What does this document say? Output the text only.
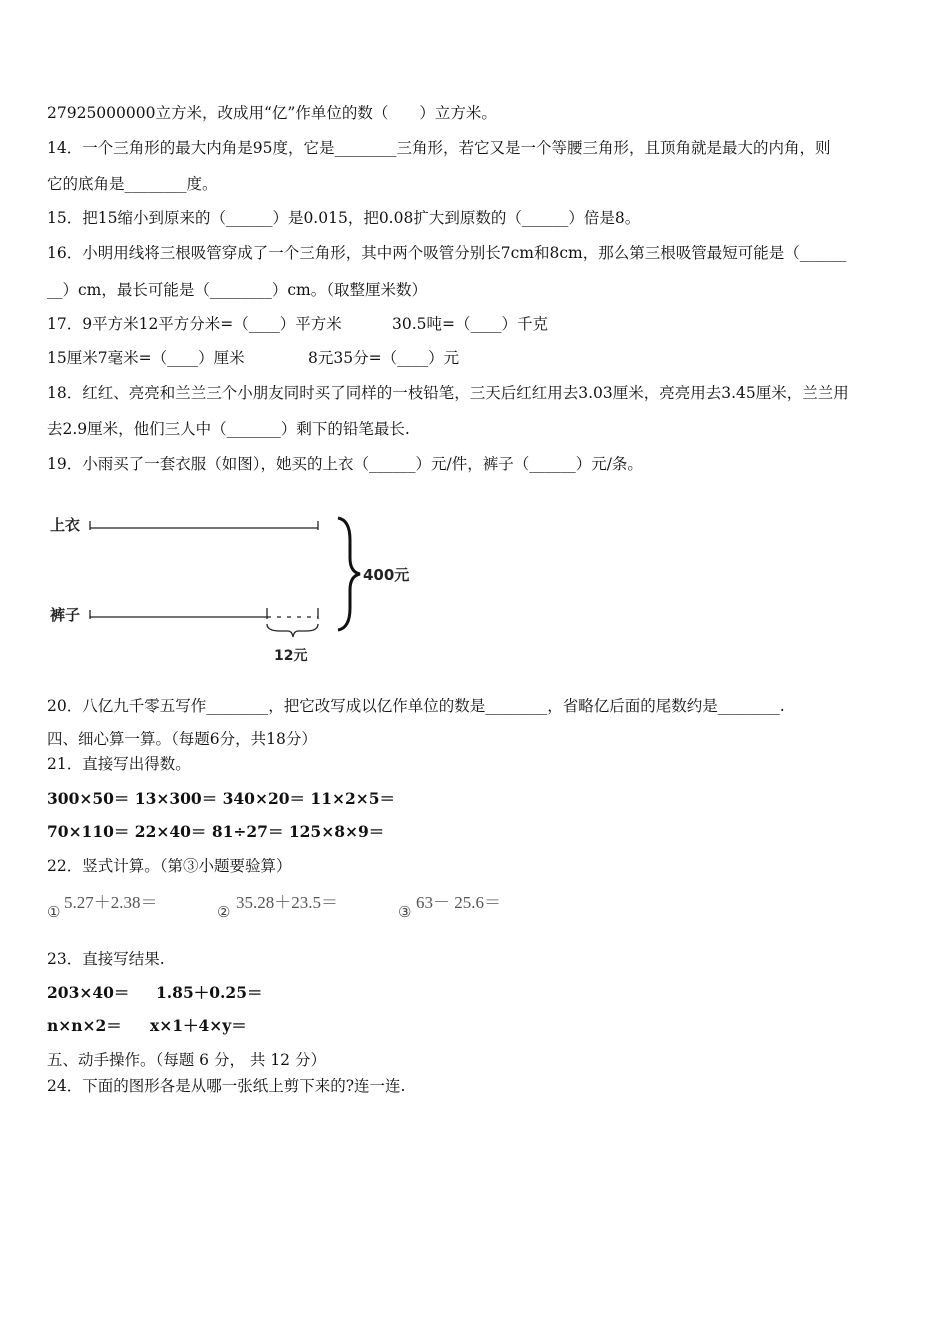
27925000000立方米，改成用“亿”作单位的数（　　）立方米。
14．一个三角形的最大内角是95度，它是________三角形，若它又是一个等腰三角形，且顶角就是最大的内角，则
它的底角是________度。
15．把15缩小到原来的（______）是0.015，把0.08扩大到原数的（______）倍是8。
16．小明用线将三根吸管穿成了一个三角形，其中两个吸管分别长7cm和8cm，那么第三根吸管最短可能是（______
__）cm，最长可能是（________）cm。（取整厘米数）
17．9平方米12平方分米=（____）平方米	30.5吨=（____）千克
15厘米7毫米=（____）厘米	8元35分=（____）元
18．红红、亮亮和兰兰三个小朋友同时买了同样的一枝铅笔，三天后红红用去3.03厘米，亮亮用去3.45厘米，兰兰用
去2.9厘米，他们三人中（_______）剩下的铅笔最长.
19．小雨买了一套衣服（如图），她买的上衣（______）元/件，裤子（______）元/条。
上衣
裤子
12元
400元
20．八亿九千零五写作________，把它改写成以亿作单位的数是________，省略亿后面的尾数约是________.
四、细心算一算。（每题6分，共18分）
21．直接写出得数。
300×50＝ 13×300＝ 340×20＝ 11×2×5＝
70×110＝ 22×40＝ 81÷27＝ 125×8×9＝
22．竖式计算。（第③小题要验算）
①
5.27＋2.38＝
②
35.28＋23.5＝
③
63－ 25.6＝
23．直接写结果.
203×40＝ 1.85＋0.25＝
n×n×2＝ x×1＋4×y＝
五、动手操作。（每题 6 分， 共 12 分）
24．下面的图形各是从哪一张纸上剪下来的?连一连.
